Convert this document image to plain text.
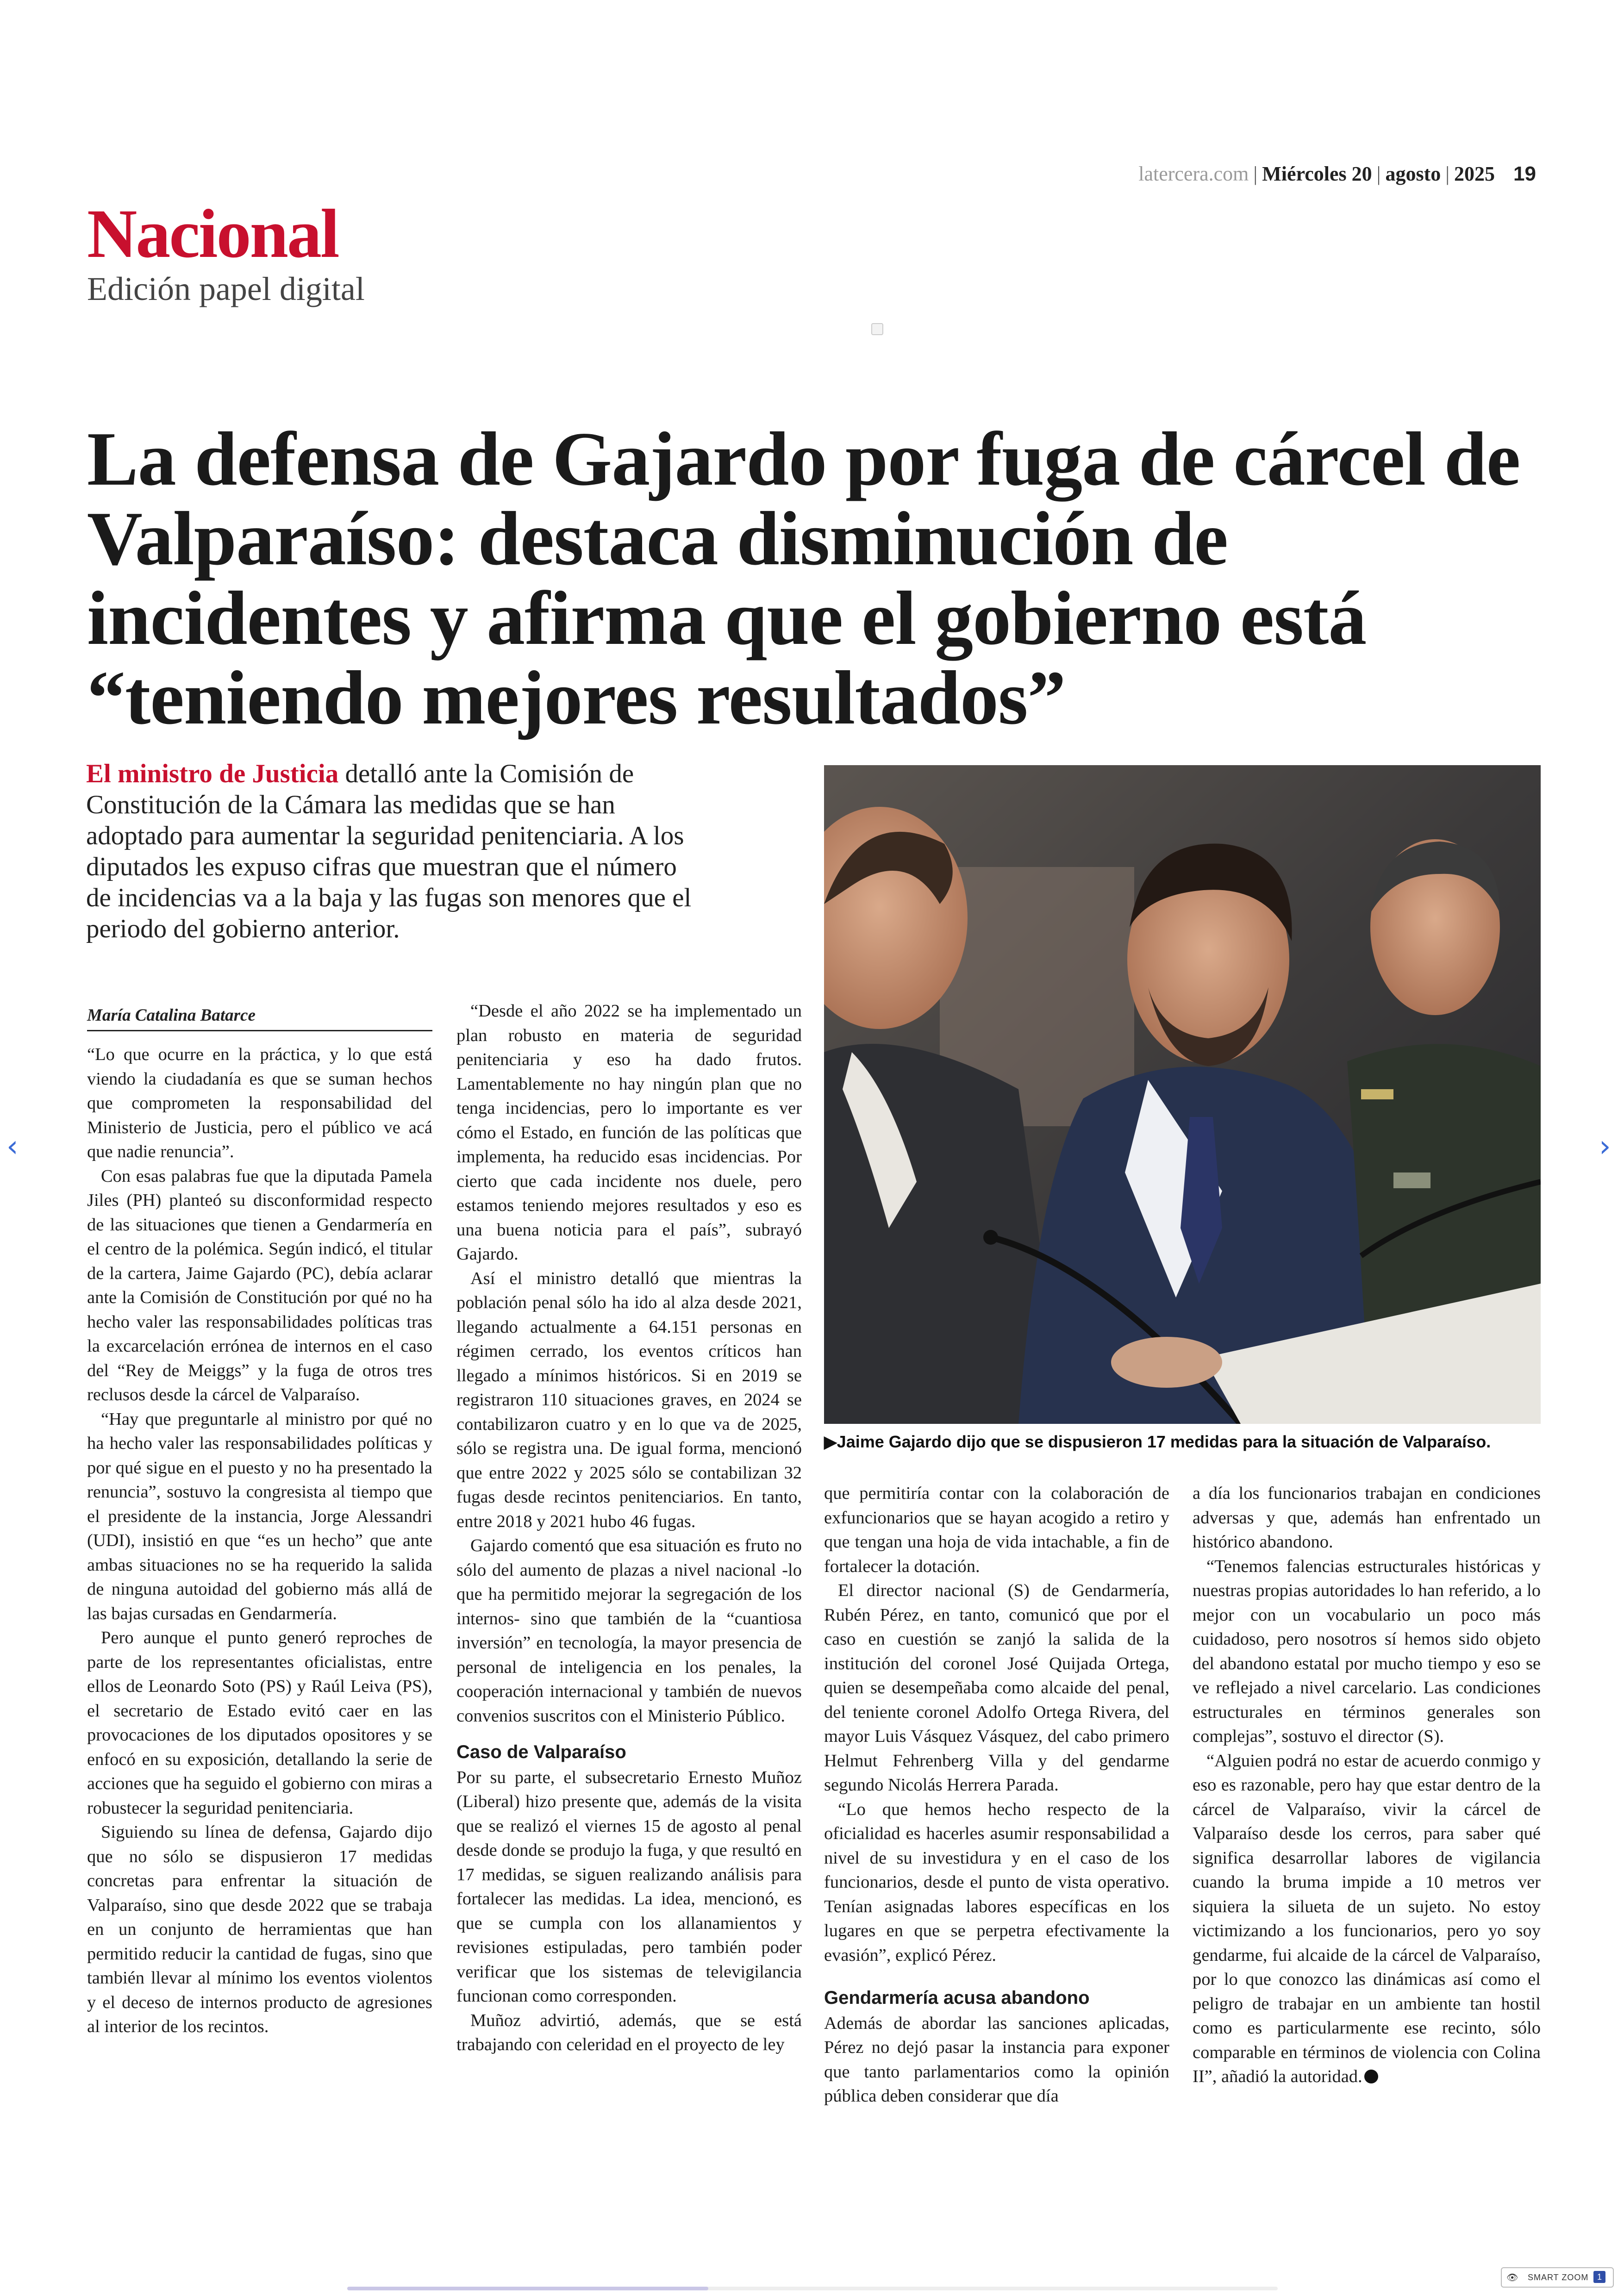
latercera.com | Miércoles 20 | agosto | 2025 19
Nacional
Edición papel digital
La defensa de Gajardo por fuga de cárcel de Valparaíso: destaca disminución de incidentes y afirma que el gobierno está “teniendo mejores resultados”
El ministro de Justicia detalló ante la Comisión de Constitución de la Cámara las medidas que se han adoptado para aumentar la seguridad penitenciaria. A los diputados les expuso cifras que muestran que el número de incidencias va a la baja y las fugas son menores que el periodo del gobierno anterior.
▶Jaime Gajardo dijo que se dispusieron 17 medidas para la situación de Valparaíso.
María Catalina Batarce

“Lo que ocurre en la práctica, y lo que está viendo la ciudadanía es que se suman hechos que comprometen la responsabilidad del Ministerio de Justicia, pero el público ve acá que nadie renuncia”.

Con esas palabras fue que la diputada Pamela Jiles (PH) planteó su disconformidad respecto de las situaciones que tienen a Gendarmería en el centro de la polémica. Según indicó, el titular de la cartera, Jaime Gajardo (PC), debía aclarar ante la Comisión de Constitución por qué no ha hecho valer las responsabilidades políticas tras la excarcelación errónea de internos en el caso del “Rey de Meiggs” y la fuga de otros tres reclusos desde la cárcel de Valparaíso.

“Hay que preguntarle al ministro por qué no ha hecho valer las responsabilidades políticas y por qué sigue en el puesto y no ha presentado la renuncia”, sostuvo la congresista al tiempo que el presidente de la instancia, Jorge Alessandri (UDI), insistió en que “es un hecho” que ante ambas situaciones no se ha requerido la salida de ninguna autoidad del gobierno más allá de las bajas cursadas en Gendarmería.

Pero aunque el punto generó reproches de parte de los representantes oficialistas, entre ellos de Leonardo Soto (PS) y Raúl Leiva (PS), el secretario de Estado evitó caer en las provocaciones de los diputados opositores y se enfocó en su exposición, detallando la serie de acciones que ha seguido el gobierno con miras a robustecer la seguridad penitenciaria.

Siguiendo su línea de defensa, Gajardo dijo que no sólo se dispusieron 17 medidas concretas para enfrentar la situación de Valparaíso, sino que desde 2022 que se trabaja en un conjunto de herramientas que han permitido reducir la cantidad de fugas, sino que también llevar al mínimo los eventos violentos y el deceso de internos producto de agresiones al interior de los recintos.

“Desde el año 2022 se ha implementado un plan robusto en materia de seguridad penitenciaria y eso ha dado frutos. Lamentablemente no hay ningún plan que no tenga incidencias, pero lo importante es ver cómo el Estado, en función de las políticas que implementa, ha reducido esas incidencias. Por cierto que cada incidente nos duele, pero estamos teniendo mejores resultados y eso es una buena noticia para el país”, subrayó Gajardo.

Así el ministro detalló que mientras la población penal sólo ha ido al alza desde 2021, llegando actualmente a 64.151 personas en régimen cerrado, los eventos críticos han llegado a mínimos históricos. Si en 2019 se registraron 110 situaciones graves, en 2024 se contabilizaron cuatro y en lo que va de 2025, sólo se registra una. De igual forma, mencionó que entre 2022 y 2025 sólo se contabilizan 32 fugas desde recintos penitenciarios. En tanto, entre 2018 y 2021 hubo 46 fugas.

Gajardo comentó que esa situación es fruto no sólo del aumento de plazas a nivel nacional -lo que ha permitido mejorar la segregación de los internos- sino que también de la “cuantiosa inversión” en tecnología, la mayor presencia de personal de inteligencia en los penales, la cooperación internacional y también de nuevos convenios suscritos con el Ministerio Público.

Caso de Valparaíso

Por su parte, el subsecretario Ernesto Muñoz (Liberal) hizo presente que, además de la visita que se realizó el viernes 15 de agosto al penal desde donde se produjo la fuga, y que resultó en 17 medidas, se siguen realizando análisis para fortalecer las medidas. La idea, mencionó, es que se cumpla con los allanamientos y revisiones estipuladas, pero también poder verificar que los sistemas de televigilancia funcionan como corresponden.

Muñoz advirtió, además, que se está trabajando con celeridad en el proyecto de ley

que permitiría contar con la colaboración de exfuncionarios que se hayan acogido a retiro y que tengan una hoja de vida intachable, a fin de fortalecer la dotación.

El director nacional (S) de Gendarmería, Rubén Pérez, en tanto, comunicó que por el caso en cuestión se zanjó la salida de la institución del coronel José Quijada Ortega, quien se desempeñaba como alcaide del penal, del teniente coronel Adolfo Ortega Rivera, del mayor Luis Vásquez Vásquez, del cabo primero Helmut Fehrenberg Villa y del gendarme segundo Nicolás Herrera Parada.

“Lo que hemos hecho respecto de la oficialidad es hacerles asumir responsabilidad a nivel de su investidura y en el caso de los funcionarios, desde el punto de vista operativo. Tenían asignadas labores específicas en los lugares en que se perpetra efectivamente la evasión”, explicó Pérez.

Gendarmería acusa abandono

Además de abordar las sanciones aplicadas, Pérez no dejó pasar la instancia para exponer que tanto parlamentarios como la opinión pública deben considerar que día

a día los funcionarios trabajan en condiciones adversas y que, además han enfrentado un histórico abandono.

“Tenemos falencias estructurales históricas y nuestras propias autoridades lo han referido, a lo mejor con un vocabulario un poco más cuidadoso, pero nosotros sí hemos sido objeto del abandono estatal por mucho tiempo y eso se ve reflejado a nivel carcelario. Las condiciones estructurales en términos generales son complejas”, sostuvo el director (S).

“Alguien podrá no estar de acuerdo conmigo y eso es razonable, pero hay que estar dentro de la cárcel de Valparaíso, vivir la cárcel de Valparaíso desde los cerros, para saber qué significa desarrollar labores de vigilancia cuando la bruma impide a 10 metros ver siquiera la silueta de un sujeto. No estoy victimizando a los funcionarios, pero yo soy gendarme, fui alcaide de la cárcel de Valparaíso, por lo que conozco las dinámicas así como el peligro de trabajar en un ambiente tan hostil como es particularmente ese recinto, sólo comparable en términos de violencia con Colina II”, añadió la autoridad.

‹	›
👁 SMART ZOOM	1
